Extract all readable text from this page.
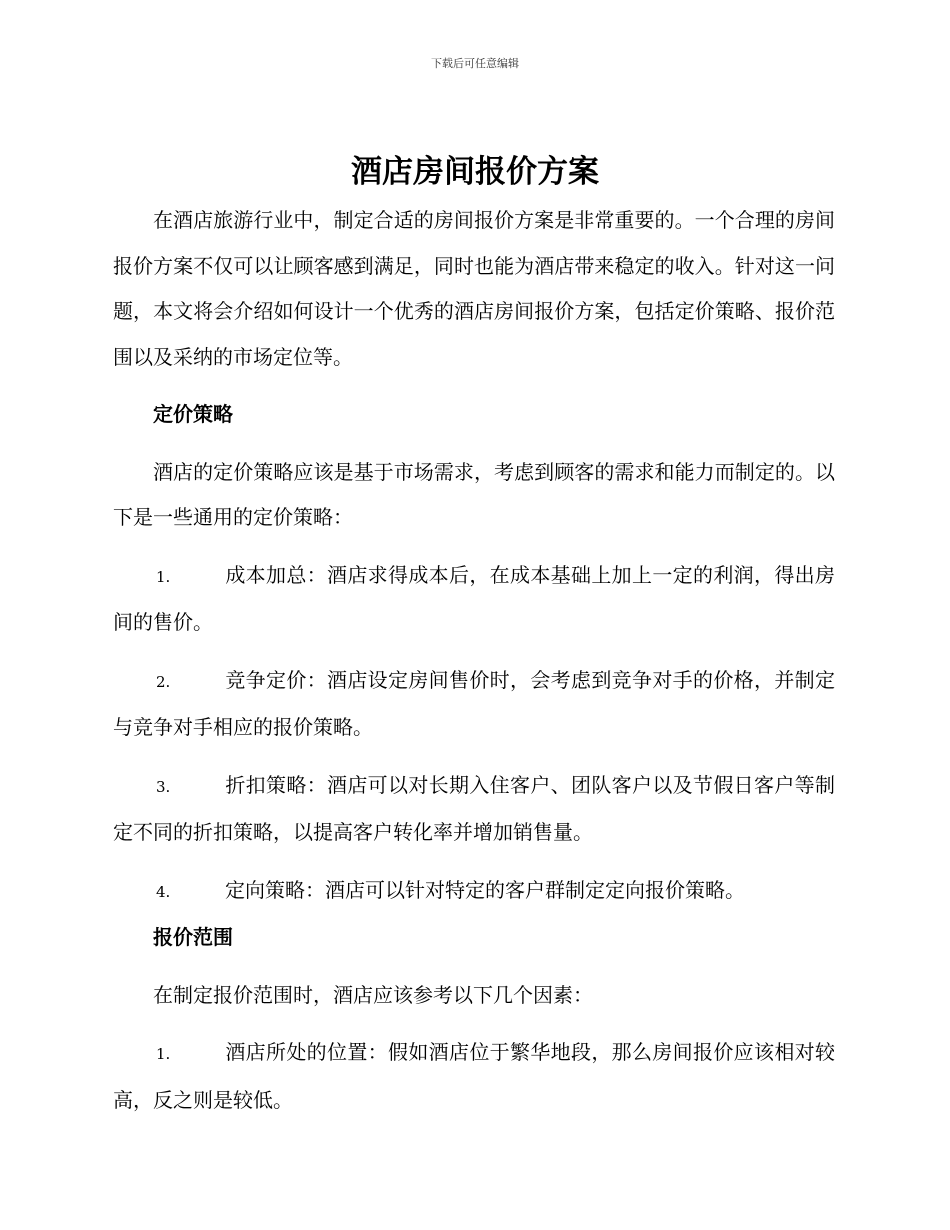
下载后可任意编辑
酒店房间报价方案

在酒店旅游行业中，制定合适的房间报价方案是非常重要的。一个合理的房间报价方案不仅可以让顾客感到满足，同时也能为酒店带来稳定的收入。针对这一问题，本文将会介绍如何设计一个优秀的酒店房间报价方案，包括定价策略、报价范围以及采纳的市场定位等。

定价策略

酒店的定价策略应该是基于市场需求，考虑到顾客的需求和能力而制定的。以下是一些通用的定价策略：

1.	成本加总：酒店求得成本后，在成本基础上加上一定的利润，得出房间的售价。

2.	竞争定价：酒店设定房间售价时，会考虑到竞争对手的价格，并制定与竞争对手相应的报价策略。

3.	折扣策略：酒店可以对长期入住客户、团队客户以及节假日客户等制定不同的折扣策略，以提高客户转化率并增加销售量。

4.	定向策略：酒店可以针对特定的客户群制定定向报价策略。

报价范围

在制定报价范围时，酒店应该参考以下几个因素：

1.	酒店所处的位置：假如酒店位于繁华地段，那么房间报价应该相对较高，反之则是较低。
